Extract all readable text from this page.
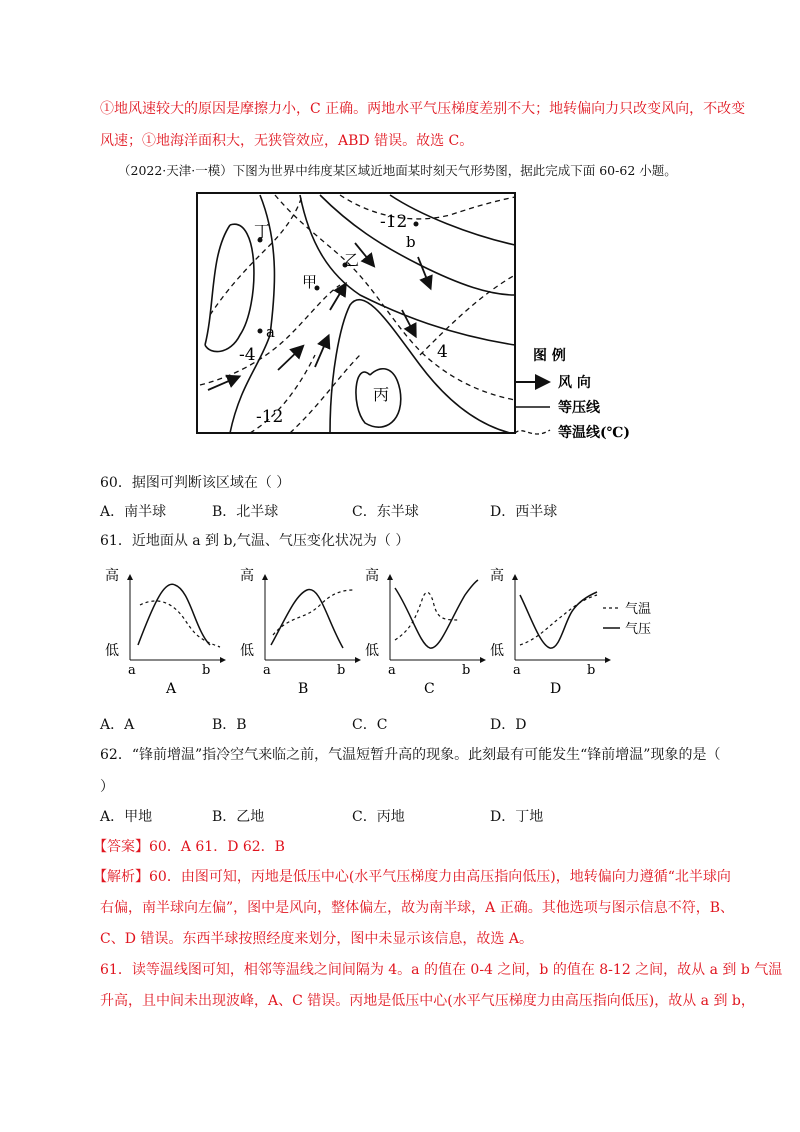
①地风速较大的原因是摩擦力小，C 正确。两地水平气压梯度差别不大；地转偏向力只改变风向，不改变
风速；①地海洋面积大，无狭管效应，ABD 错误。故选 C。
（2022·天津·一模）下图为世界中纬度某区域近地面某时刻天气形势图，据此完成下面 60-62 小题。
丁
甲
乙
丙
a
b
-12
4
-4
-12
图 例
风 向
等压线
等温线(℃)
60．据图可判断该区域在（ ）
A．南半球	B．北半球	C．东半球	D．西半球
61．近地面从 a 到 b,气温、气压变化状况为（ ）
高
低
a	b
A
高
低
a	b
B
高
低
a	b
C
高
低
a	b
D
气温
气压
A．A	B．B	C．C	D．D
62．“锋前增温”指冷空气来临之前，气温短暂升高的现象。此刻最有可能发生“锋前增温”现象的是（
）
A．甲地	B．乙地	C．丙地	D．丁地
【答案】60．A 61．D 62．B
【解析】60．由图可知，丙地是低压中心(水平气压梯度力由高压指向低压)，地转偏向力遵循“北半球向
右偏，南半球向左偏”，图中是风向，整体偏左，故为南半球，A 正确。其他选项与图示信息不符，B、
C、D 错误。东西半球按照经度来划分，图中未显示该信息，故选 A。
61．读等温线图可知，相邻等温线之间间隔为 4。a 的值在 0-4 之间，b 的值在 8-12 之间，故从 a 到 b 气温
升高，且中间未出现波峰，A、C 错误。丙地是低压中心(水平气压梯度力由高压指向低压)，故从 a 到 b，
